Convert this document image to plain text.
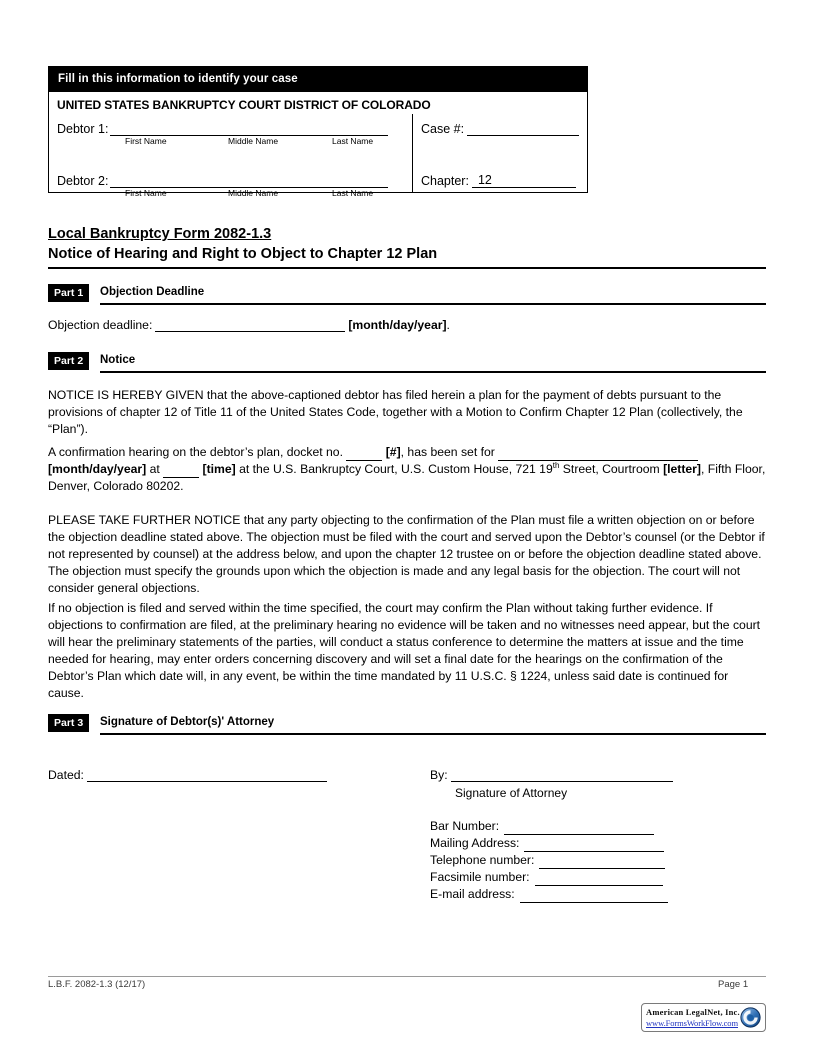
Fill in this information to identify your case
UNITED STATES BANKRUPTCY COURT DISTRICT OF COLORADO
Debtor 1:
First Name	Middle Name	Last Name
Debtor 2:
First Name	Middle Name	Last Name
Case #:
Chapter: 12
Local Bankruptcy Form 2082-1.3
Notice of Hearing and Right to Object to Chapter 12 Plan
Part 1	Objection Deadline
Objection deadline:	[month/day/year].
Part 2	Notice
NOTICE IS HEREBY GIVEN that the above-captioned debtor has filed herein a plan for the payment of debts pursuant to the provisions of chapter 12 of Title 11 of the United States Code, together with a Motion to Confirm Chapter 12 Plan (collectively, the “Plan”).
A confirmation hearing on the debtor’s plan, docket no.	[#], has been set for  [month/day/year] at	[time] at the U.S. Bankruptcy Court, U.S. Custom House, 721 19th Street, Courtroom [letter], Fifth Floor, Denver, Colorado 80202.
PLEASE TAKE FURTHER NOTICE that any party objecting to the confirmation of the Plan must file a written objection on or before the objection deadline stated above. The objection must be filed with the court and served upon the Debtor’s counsel (or the Debtor if not represented by counsel) at the address below, and upon the chapter 12 trustee on or before the objection deadline stated above. The objection must specify the grounds upon which the objection is made and any legal basis for the objection. The court will not consider general objections.
If no objection is filed and served within the time specified, the court may confirm the Plan without taking further evidence. If objections to confirmation are filed, at the preliminary hearing no evidence will be taken and no witnesses need appear, but the court will hear the preliminary statements of the parties, will conduct a status conference to determine the matters at issue and the time needed for hearing, may enter orders concerning discovery and will set a final date for the hearings on the confirmation of the Debtor’s Plan which date will, in any event, be within the time mandated by 11 U.S.C. § 1224, unless said date is continued for cause.
Part 3	Signature of Debtor(s)' Attorney
Dated:	By:
Signature of Attorney
Bar Number:
Mailing Address:
Telephone number:
Facsimile number:
E-mail address:
L.B.F. 2082-1.3 (12/17)	Page 1
American LegalNet, Inc.
www.FormsWorkFlow.com
